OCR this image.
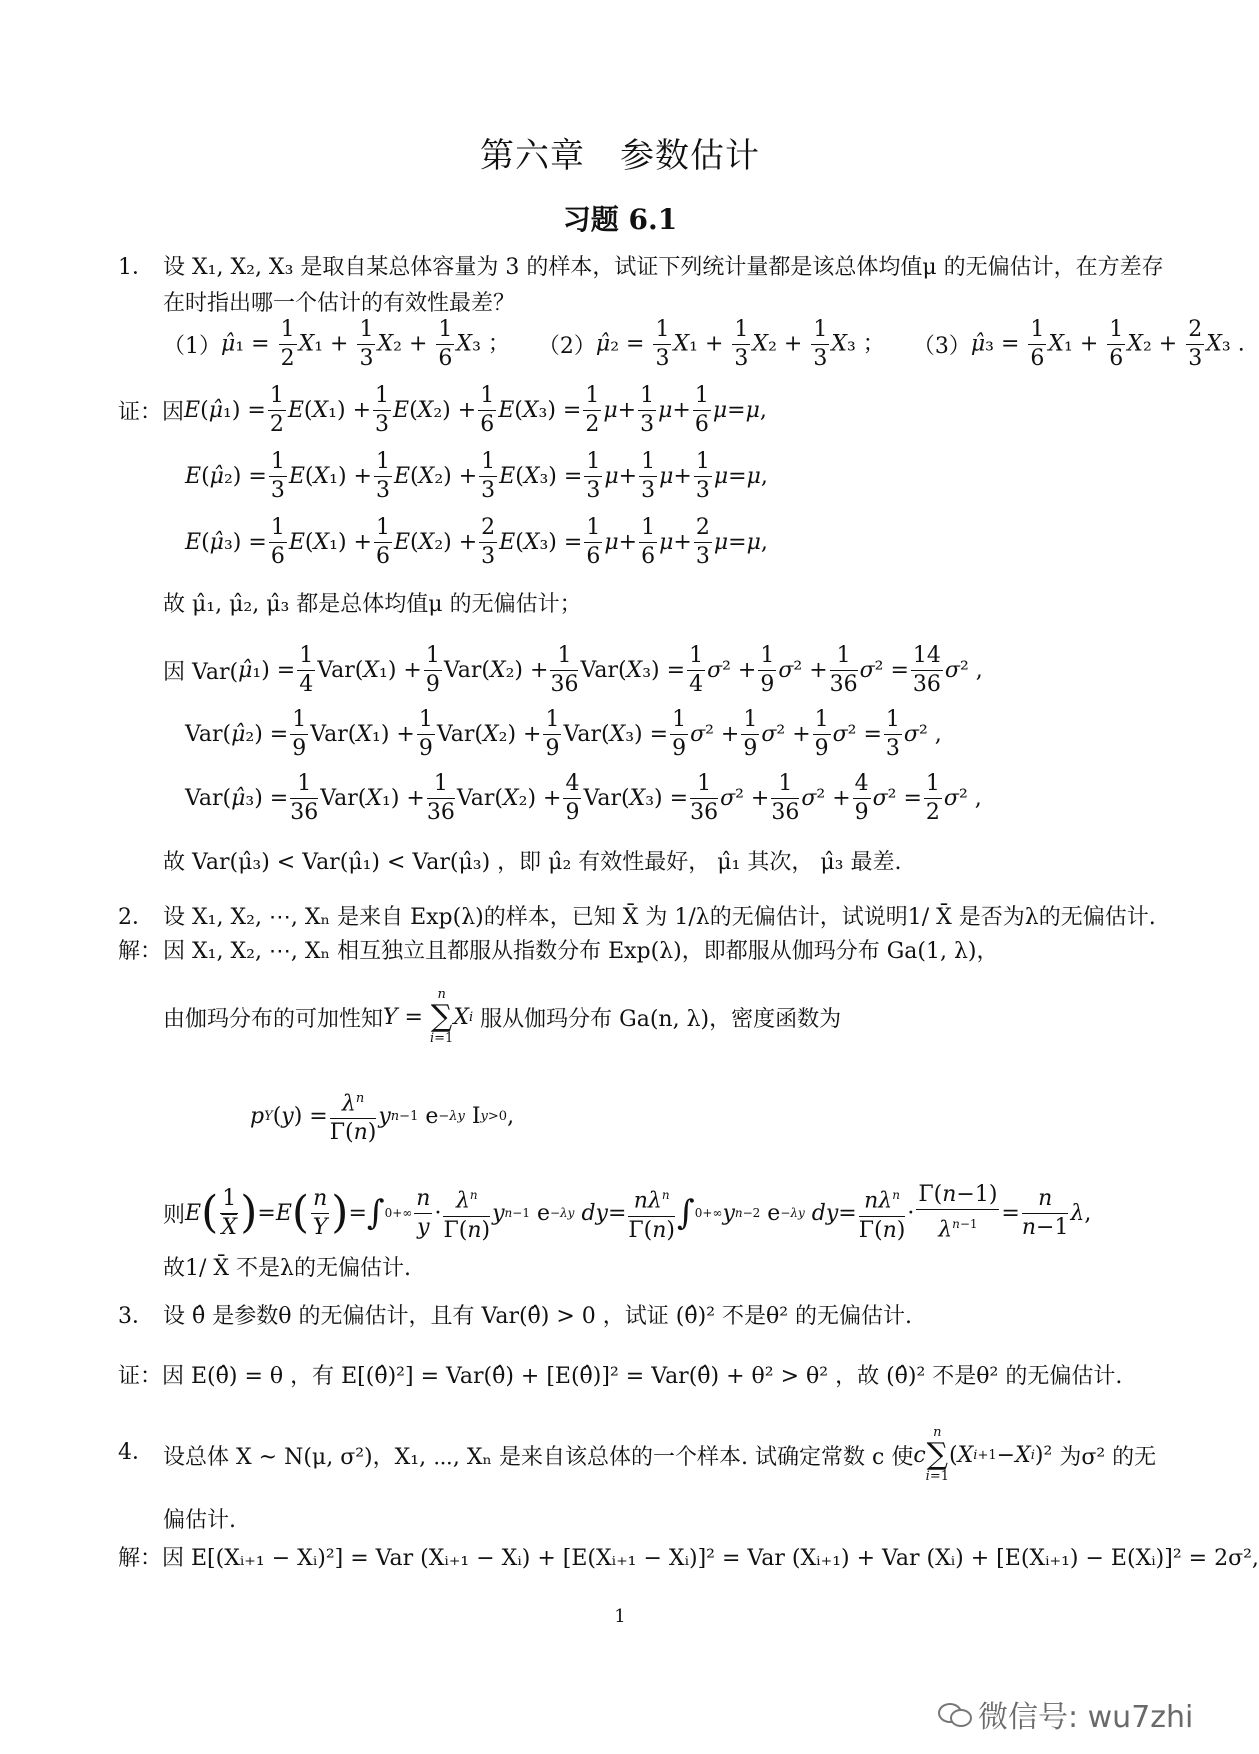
第六章　参数估计
习题 6.1
1． 设 X₁, X₂, X₃ 是取自某总体容量为 3 的样本，试证下列统计量都是该总体均值μ 的无偏估计，在方差存
在时指出哪一个估计的有效性最差？
（1） μ̂₁ = $\frac{1}{2} X_1 + \frac{1}{3} X_2 + \frac{1}{6} X_3$ ； （2） μ̂₂ = $\frac{1}{3} X_1 + \frac{1}{3} X_2 + \frac{1}{3} X_3$ ； （3） μ̂₃ = $\frac{1}{6} X_1 + \frac{1}{6} X_2 + \frac{2}{3} X_3$ .
证： 因 E ( μ̂ $_1) = \frac{1}{2}$ E ( X $_1) + \frac{1}{3}$ E ( X $_2) + \frac{1}{6}$ E ( X $_3) = \frac{1}{2}$ $\mu + \frac{1}{3}$ $\mu + \frac{1}{6}$ μ = μ ,
E ( μ̂ $_2) = \frac{1}{3}$ E ( X $_1) + \frac{1}{3}$ E ( X $_2) + \frac{1}{3}$ E ( X $_3) = \frac{1}{3}$ $\mu + \frac{1}{3}$ $\mu + \frac{1}{3}$ μ = μ ,
E ( μ̂ $_3) = \frac{1}{6}$ E ( X $_1) + \frac{1}{6}$ E ( X $_2) + \frac{2}{3}$ E ( X $_3) = \frac{1}{6}$ $\mu + \frac{1}{6}$ $\mu + \frac{2}{3}$ μ = μ ,
故 μ̂₁, μ̂₂, μ̂₃ 都是总体均值μ 的无偏估计；
因 Var( μ̂ $_1) = \frac{1}{4} Var$( X $_1) + \frac{1}{9} Var$( X $_2) + \frac{1}{36} Var$( X $_3) = \frac{1}{4}$ σ $^2 + \frac{1}{9}$ σ $^2 + \frac{1}{36}$ σ $^2 = \frac{14}{36}$ σ ² ,
Var( μ̂ $_2) = \frac{1}{9} Var$( X $_1) + \frac{1}{9} Var$( X $_2) + \frac{1}{9} Var$( X $_3) = \frac{1}{9}$ σ $^2 + \frac{1}{9}$ σ $^2 + \frac{1}{9}$ σ $^2 = \frac{1}{3}$ σ ² ,
Var( μ̂ $_3) = \frac{1}{36} Var$( X $_1) + \frac{1}{36} Var$( X $_2) + \frac{4}{9} Var$( X $_3) = \frac{1}{36}$ σ $^2 + \frac{1}{36}$ σ $^2 + \frac{4}{9}$ σ $^2 = \frac{1}{2}$ σ ² ,
故 Var(μ̂₃) < Var(μ̂₁) < Var(μ̂₃) ，即 μ̂₂ 有效性最好， μ̂₁ 其次， μ̂₃ 最差.
2． 设 X₁, X₂, ⋯, Xₙ 是来自 Exp(λ)的样本，已知 X̄ 为 1/λ的无偏估计，试说明1/ X̄ 是否为λ的无偏估计.
解： 因 X₁, X₂, ⋯, Xₙ 相互独立且都服从指数分布 Exp(λ)，即都服从伽玛分布 Ga(1, λ)，
由伽玛分布的可加性知 Y =
n
∑
i=1
X i
服从伽玛分布 Ga(n, λ)，密度函数为
p Y ( y ) = $\frac{\lambda^n}{\Gamma(n)}$ y n−1 e −λy I y>0 ,
则 E ( $\frac{1}{X}$ ) = E ( $\frac{n}{Y}$ ) = ∫ 0 +∞ $\frac{n}{y} \cdot \frac{\lambda^n}{\Gamma(n)}$ y n−1 e −λy
dy = $\frac{n\lambda^n}{\Gamma(n)}$ ∫ 0 +∞ y n−2 e −λy
dy = $\frac{n\lambda^n}{\Gamma(n)} \cdot \frac{\Gamma(n-1)}{\lambda^{n-1}} = \frac{n}{n-1}$ λ ,
故1/ X̄ 不是λ的无偏估计.
3． 设 θ̂ 是参数θ 的无偏估计，且有 Var(θ̂) > 0 ，试证 (θ̂)² 不是θ² 的无偏估计.
证：因 E(θ̂) = θ ，有 E[(θ̂)²] = Var(θ̂) + [E(θ̂)]² = Var(θ̂) + θ² > θ² ，故 (θ̂)² 不是θ² 的无偏估计.
4． 设总体 X ~ N(μ, σ²)，X₁, ⋯, Xₙ 是来自该总体的一个样本. 试确定常数 c 使 c
n
∑
i=1
( X i+1 − X i )² 为σ² 的无
偏估计.
解：因 E[(Xᵢ₊₁ − Xᵢ)²] = Var (Xᵢ₊₁ − Xᵢ) + [E(Xᵢ₊₁ − Xᵢ)]² = Var (Xᵢ₊₁) + Var (Xᵢ) + [E(Xᵢ₊₁) − E(Xᵢ)]² = 2σ²,
1
微信号: wu7zhi
